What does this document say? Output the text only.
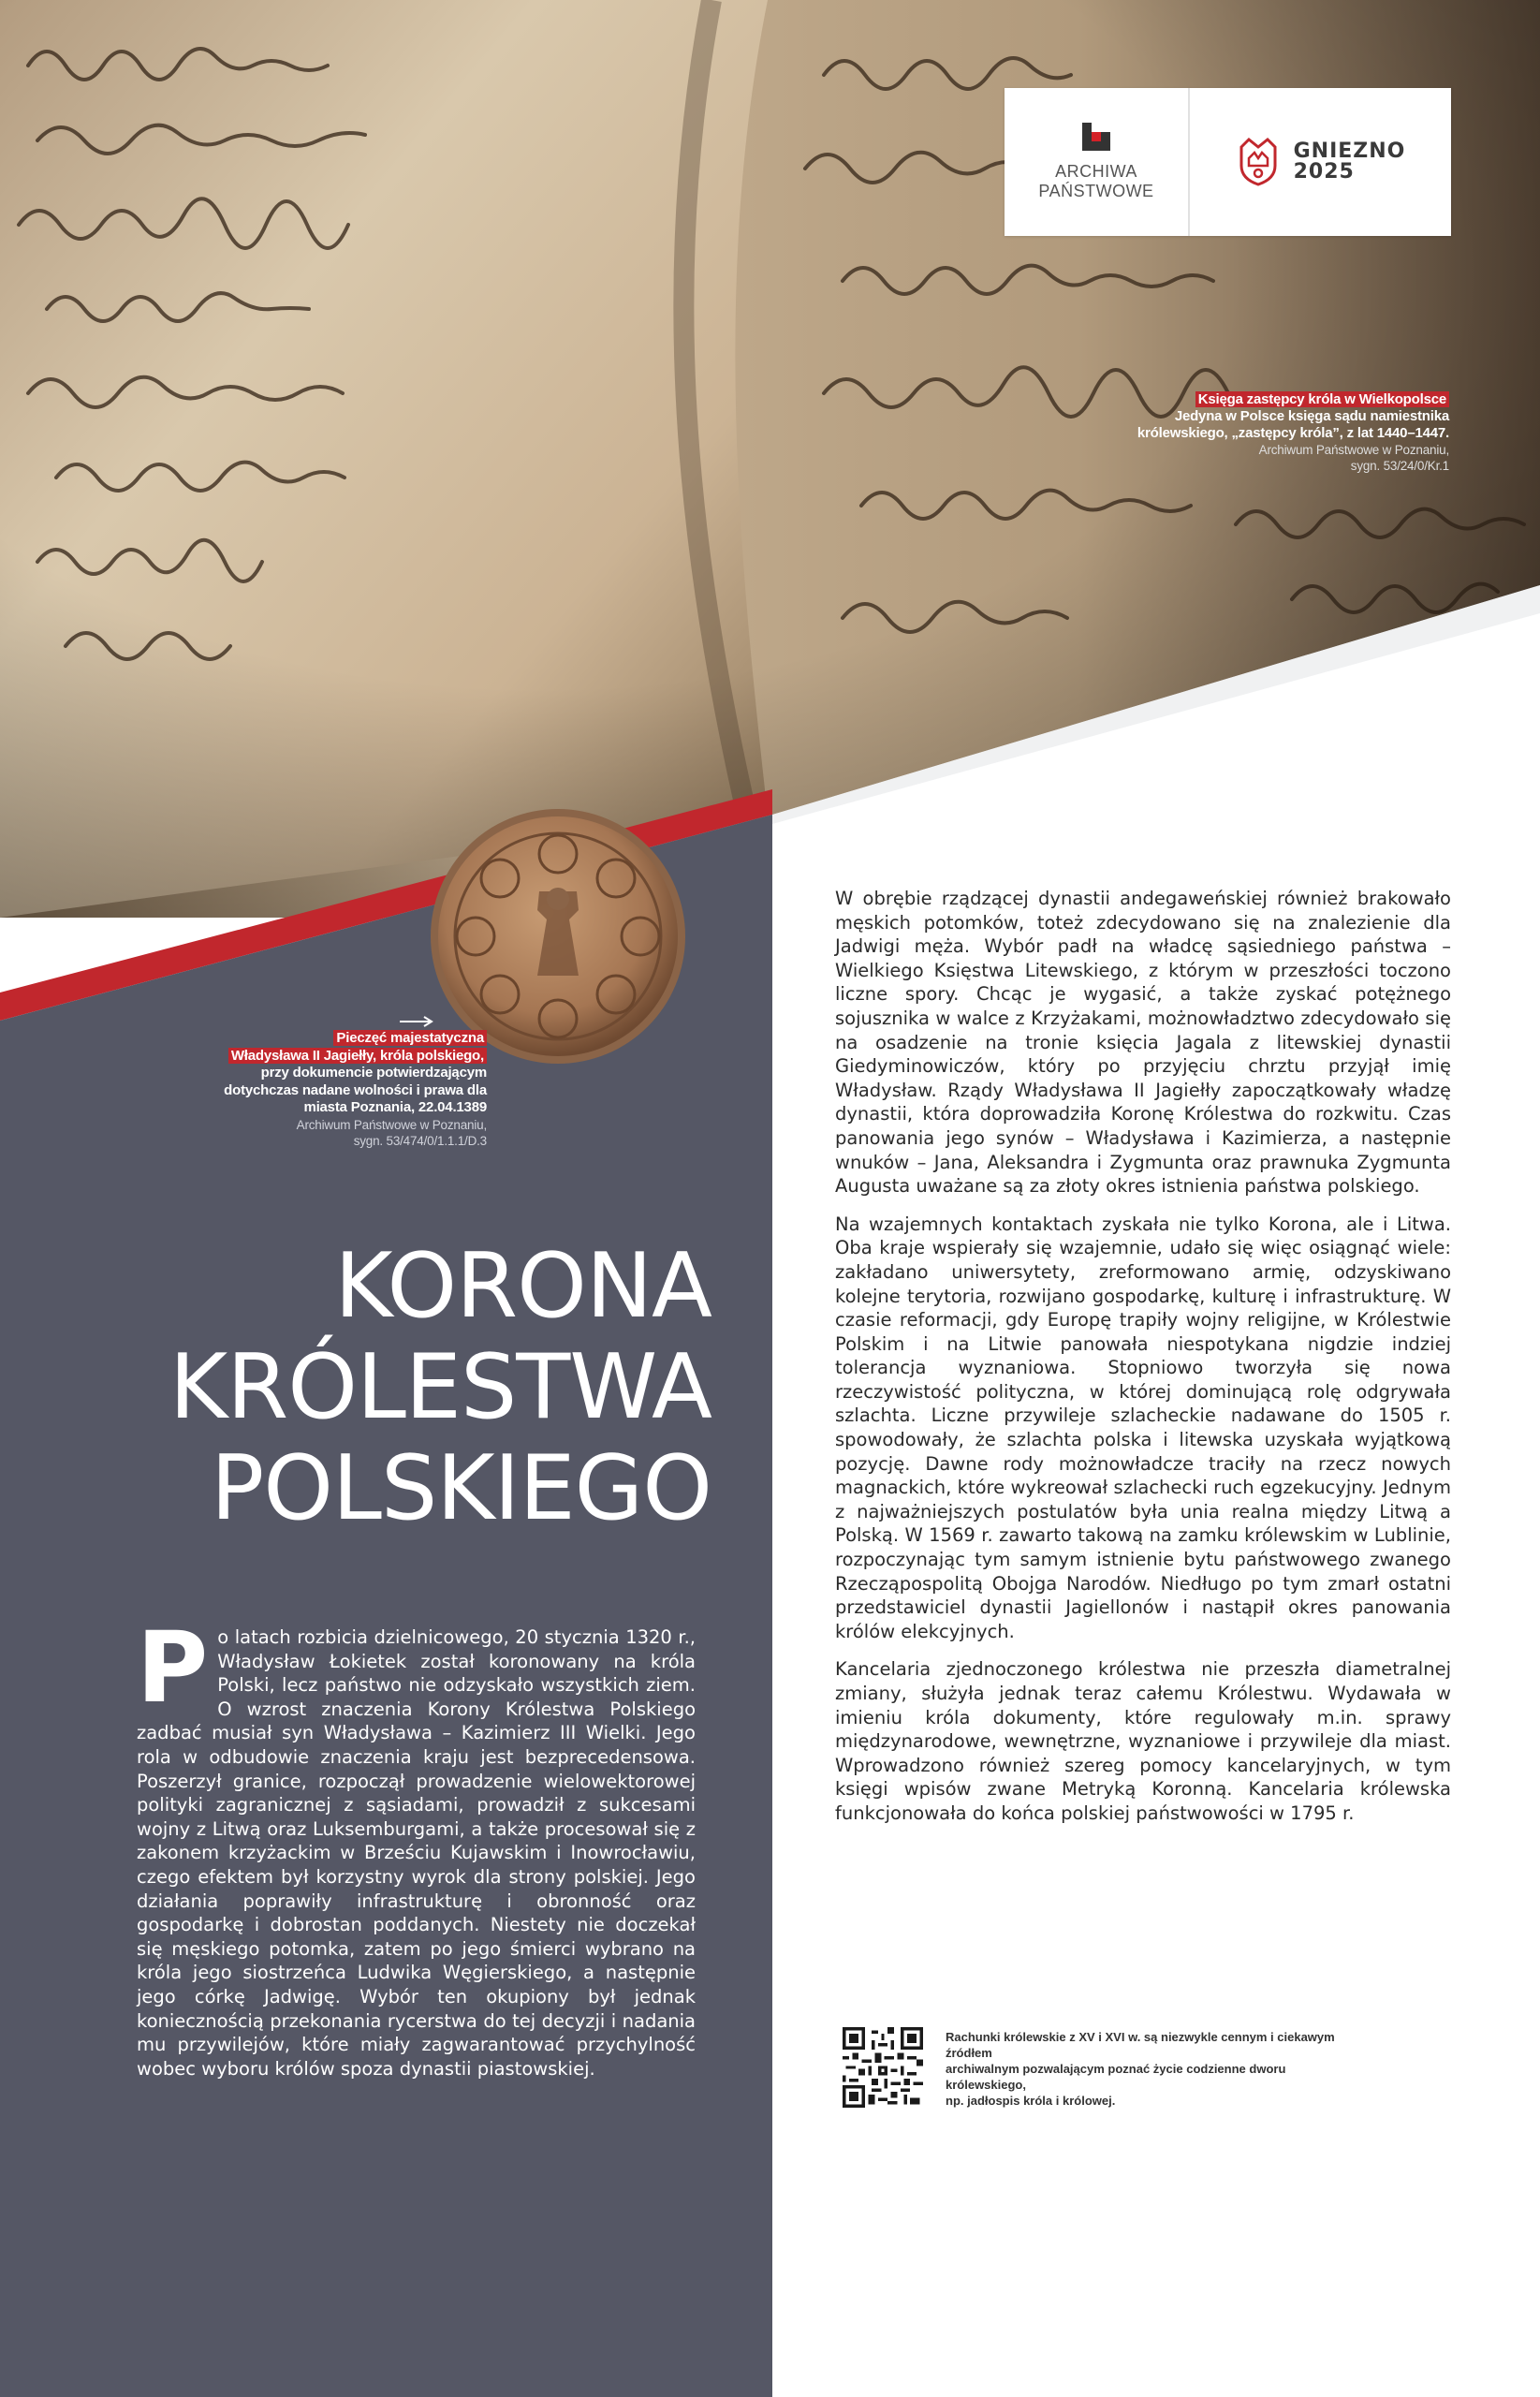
ARCHIWA
PAŃSTWOWE
GNIEZNO
2025
Księga zastępcy króla w Wielkopolsce
Jedyna w Polsce księga sądu namiestnika
królewskiego, „zastępcy króla”, z lat 1440–1447.
Archiwum Państwowe w Poznaniu,
sygn. 53/24/0/Kr.1
Pieczęć majestatyczna
Władysława II Jagiełły, króla polskiego,
przy dokumencie potwierdzającym
dotychczas nadane wolności i prawa dla
miasta Poznania, 22.04.1389
Archiwum Państwowe w Poznaniu,
sygn. 53/474/0/1.1.1/D.3
KORONA
KRÓLESTWA
POLSKIEGO
P o latach rozbicia dzielnicowego, 20 stycznia 1320 r., Władysław Łokietek został koronowany na króla Polski, lecz państwo nie odzyskało wszystkich ziem. O wzrost znaczenia Korony Królestwa Polskiego zadbać musiał syn Władysława – Kazimierz III Wielki. Jego rola w odbudowie znaczenia kraju jest bezprecedensowa. Poszerzył granice, rozpoczął prowadzenie wielowektorowej polityki zagranicznej z sąsiadami, prowadził z sukcesami wojny z Litwą oraz Luksemburgami, a także procesował się z zakonem krzyżackim w Brześciu Kujawskim i Inowrocławiu, czego efektem był korzystny wyrok dla strony polskiej. Jego działania poprawiły infrastrukturę i obronność oraz gospodarkę i dobrostan poddanych. Niestety nie doczekał się męskiego potomka, zatem po jego śmierci wybrano na króla jego siostrzeńca Ludwika Węgierskiego, a następnie jego córkę Jadwigę. Wybór ten okupiony był jednak koniecznością przekonania rycerstwa do tej decyzji i nadania mu przywilejów, które miały zagwarantować przychylność wobec wyboru królów spoza dynastii piastowskiej.

W obrębie rządzącej dynastii andegaweńskiej również brakowało męskich potomków, toteż zdecydowano się na znalezienie dla Jadwigi męża. Wybór padł na władcę sąsiedniego państwa – Wielkiego Księstwa Litewskiego, z którym w przeszłości toczono liczne spory. Chcąc je wygasić, a także zyskać potężnego sojusznika w walce z Krzyżakami, możnowładztwo zdecydowało się na osadzenie na tronie księcia Jagala z litewskiej dynastii Giedyminowiczów, który po przyjęciu chrztu przyjął imię Władysław. Rządy Władysława II Jagiełły zapoczątkowały władzę dynastii, która doprowadziła Koronę Królestwa do rozkwitu. Czas panowania jego synów – Władysława i Kazimierza, a następnie wnuków – Jana, Aleksandra i Zygmunta oraz prawnuka Zygmunta Augusta uważane są za złoty okres istnienia państwa polskiego.

Na wzajemnych kontaktach zyskała nie tylko Korona, ale i Litwa. Oba kraje wspierały się wzajemnie, udało się więc osiągnąć wiele: zakładano uniwersytety, zreformowano armię, odzyskiwano kolejne terytoria, rozwijano gospodarkę, kulturę i infrastrukturę. W czasie reformacji, gdy Europę trapiły wojny religijne, w Królestwie Polskim i na Litwie panowała niespotykana nigdzie indziej tolerancja wyznaniowa. Stopniowo tworzyła się nowa rzeczywistość polityczna, w której dominującą rolę odgrywała szlachta. Liczne przywileje szlacheckie nadawane do 1505 r. spowodowały, że szlachta polska i litewska uzyskała wyjątkową pozycję. Dawne rody możnowładcze traciły na rzecz nowych magnackich, które wykreował szlachecki ruch egzekucyjny. Jednym z najważniejszych postulatów była unia realna między Litwą a Polską. W 1569 r. zawarto takową na zamku królewskim w Lublinie, rozpoczynając tym samym istnienie bytu państwowego zwanego Rzecząpospolitą Obojga Narodów. Niedługo po tym zmarł ostatni przedstawiciel dynastii Jagiellonów i nastąpił okres panowania królów elekcyjnych.

Kancelaria zjednoczonego królestwa nie przeszła diametralnej zmiany, służyła jednak teraz całemu Królestwu. Wydawała w imieniu króla dokumenty, które regulowały m.in. sprawy międzynarodowe, wewnętrzne, wyznaniowe i przywileje dla miast. Wprowadzono również szereg pomocy kancelaryjnych, w tym księgi wpisów zwane Metryką Koronną. Kancelaria królewska funkcjonowała do końca polskiej państwowości w 1795 r.

Rachunki królewskie z XV i XVI w. są niezwykle cennym i ciekawym źródłem
archiwalnym pozwalającym poznać życie codzienne dworu królewskiego,
np. jadłospis króla i królowej.
